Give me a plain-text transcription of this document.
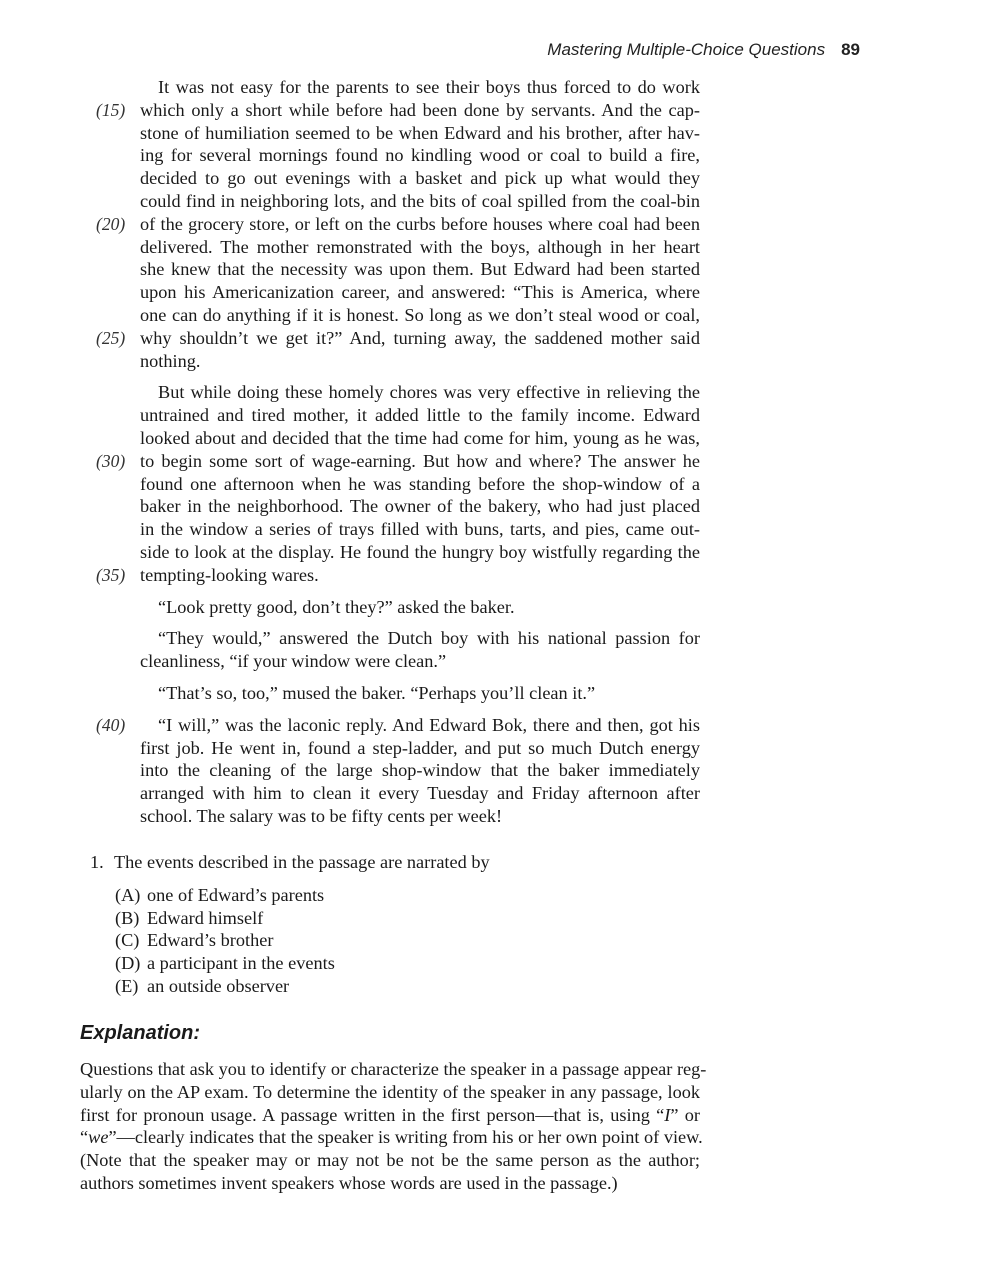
Mastering Multiple-Choice Questions 89
It was not easy for the parents to see their boys thus forced to do work
(15) which only a short while before had been done by servants. And the cap-
stone of humiliation seemed to be when Edward and his brother, after hav-
ing for several mornings found no kindling wood or coal to build a fire,
decided to go out evenings with a basket and pick up what would they
could find in neighboring lots, and the bits of coal spilled from the coal-bin
(20) of the grocery store, or left on the curbs before houses where coal had been
delivered. The mother remonstrated with the boys, although in her heart
she knew that the necessity was upon them. But Edward had been started
upon his Americanization career, and answered: “This is America, where
one can do anything if it is honest. So long as we don’t steal wood or coal,
(25) why shouldn’t we get it?” And, turning away, the saddened mother said
nothing.
But while doing these homely chores was very effective in relieving the
untrained and tired mother, it added little to the family income. Edward
looked about and decided that the time had come for him, young as he was,
(30) to begin some sort of wage-earning. But how and where? The answer he
found one afternoon when he was standing before the shop-window of a
baker in the neighborhood. The owner of the bakery, who had just placed
in the window a series of trays filled with buns, tarts, and pies, came out-
side to look at the display. He found the hungry boy wistfully regarding the
(35) tempting-looking wares.
“Look pretty good, don’t they?” asked the baker.
“They would,” answered the Dutch boy with his national passion for
cleanliness, “if your window were clean.”
“That’s so, too,” mused the baker. “Perhaps you’ll clean it.”
(40) “I will,” was the laconic reply. And Edward Bok, there and then, got his
first job. He went in, found a step-ladder, and put so much Dutch energy
into the cleaning of the large shop-window that the baker immediately
arranged with him to clean it every Tuesday and Friday afternoon after
school. The salary was to be fifty cents per week!
1. The events described in the passage are narrated by
(A) one of Edward’s parents
(B) Edward himself
(C) Edward’s brother
(D) a participant in the events
(E) an outside observer
Explanation:
Questions that ask you to identify or characterize the speaker in a passage appear reg-
ularly on the AP exam. To determine the identity of the speaker in any passage, look
first for pronoun usage. A passage written in the first person—that is, using “I” or
“we”—clearly indicates that the speaker is writing from his or her own point of view.
(Note that the speaker may or may not be not be the same person as the author;
authors sometimes invent speakers whose words are used in the passage.)
